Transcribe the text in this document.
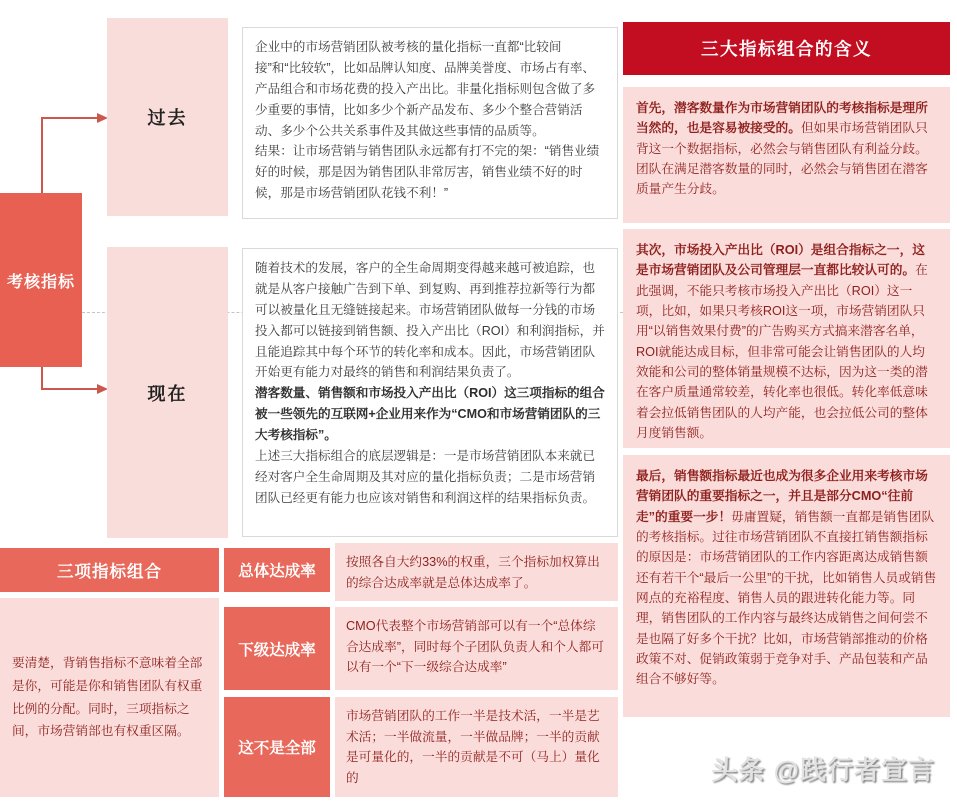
考核指标
过去

企业中的市场营销团队被考核的量化指标一直都“比较间接”和“比较软”，比如品牌认知度、品牌美誉度、市场占有率、产品组合和市场花费的投入产出比。非量化指标则包含做了多少重要的事情，比如多少个新产品发布、多少个整合营销活动、多少个公共关系事件及其做这些事情的品质等。

结果：让市场营销与销售团队永远都有打不完的架：“销售业绩好的时候，那是因为销售团队非常厉害，销售业绩不好的时候，那是市场营销团队花钱不利！”

现在

随着技术的发展，客户的全生命周期变得越来越可被追踪，也就是从客户接触广告到下单、到复购、再到推荐拉新等行为都可以被量化且无缝链接起来。市场营销团队做每一分钱的市场投入都可以链接到销售额、投入产出比（ROI）和利润指标，并且能追踪其中每个环节的转化率和成本。因此，市场营销团队开始更有能力对最终的销售和利润结果负责了。

潜客数量、销售额和市场投入产出比（ROI）这三项指标的组合被一些领先的互联网+企业用来作为“CMO和市场营销团队的三大考核指标”。

上述三大指标组合的底层逻辑是：一是市场营销团队本来就已经对客户全生命周期及其对应的量化指标负责；二是市场营销团队已经更有能力也应该对销售和利润这样的结果指标负责。

三大指标组合的含义
首先，潜客数量作为市场营销团队的考核指标是理所当然的，也是容易被接受的。但如果市场营销团队只背这一个数据指标，必然会与销售团队有利益分歧。团队在满足潜客数量的同时，必然会与销售团在潜客质量产生分歧。
其次，市场投入产出比（ROI）是组合指标之一，这是市场营销团队及公司管理层一直都比较认可的。在此强调，不能只考核市场投入产出比（ROI）这一项，比如，如果只考核ROI这一项，市场营销团队只用“以销售效果付费”的广告购买方式搞来潜客名单，ROI就能达成目标，但非常可能会让销售团队的人均效能和公司的整体销量规模不达标，因为这一类的潜在客户质量通常较差，转化率也很低。转化率低意味着会拉低销售团队的人均产能，也会拉低公司的整体月度销售额。
最后，销售额指标最近也成为很多企业用来考核市场营销团队的重要指标之一，并且是部分CMO“往前走”的重要一步！毋庸置疑，销售额一直都是销售团队的考核指标。过往市场营销团队不直接扛销售额指标的原因是：市场营销团队的工作内容距离达成销售额还有若干个“最后一公里”的干扰，比如销售人员或销售网点的充裕程度、销售人员的跟进转化能力等。同理，销售团队的工作内容与最终达成销售之间何尝不是也隔了好多个干扰？比如，市场营销部推动的价格政策不对、促销政策弱于竞争对手、产品包装和产品组合不够好等。
三项指标组合

要清楚，背销售指标不意味着全部是你，可能是你和销售团队有权重比例的分配。同时，三项指标之间，市场营销部也有权重区隔。

总体达成率
按照各自大约33%的权重，三个指标加权算出的综合达成率就是总体达成率了。
下级达成率
CMO代表整个市场营销部可以有一个“总体综合达成率”，同时每个子团队负责人和个人都可以有一个“下一级综合达成率”
这不是全部
市场营销团队的工作一半是技术活，一半是艺术活；一半做流量，一半做品牌；一半的贡献是可量化的，一半的贡献是不可（马上）量化的	头条 @践行者宣言
